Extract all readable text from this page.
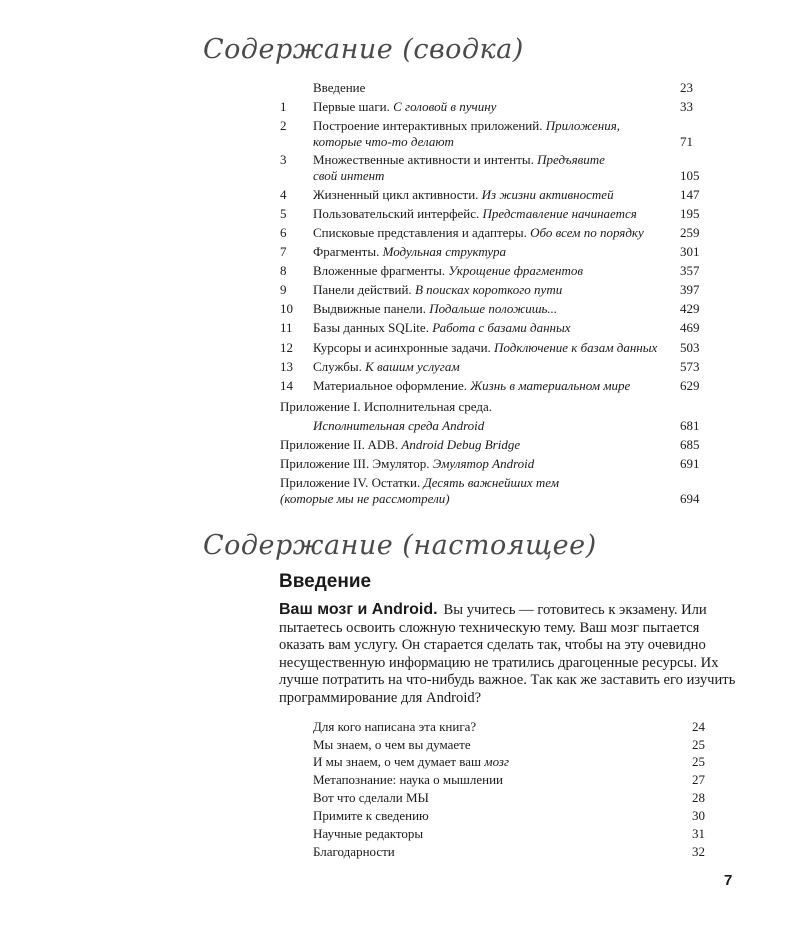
Содержание (сводка)
Введение	23
1 Первые шаги. С головой в пучину	33
2 Построение интерактивных приложений. Приложения,
которые что-то делают	71
3 Множественные активности и интенты. Предъявите
свой интент	105
4 Жизненный цикл активности. Из жизни активностей	147
5 Пользовательский интерфейс. Представление начинается	195
6 Списковые представления и адаптеры. Обо всем по порядку	259
7 Фрагменты. Модульная структура	301
8 Вложенные фрагменты. Укрощение фрагментов	357
9 Панели действий. В поисках короткого пути	397
10 Выдвижные панели. Подальше положишь...	429
11 Базы данных SQLite. Работа с базами данных	469
12 Курсоры и асинхронные задачи. Подключение к базам данных 503
13 Службы. К вашим услугам	573
14 Материальное оформление. Жизнь в материальном мире	629
Приложение I. Исполнительная среда.
Исполнительная среда Android	681
Приложение II. ADB. Android Debug Bridge	685
Приложение III. Эмулятор. Эмулятор Android	691
Приложение IV. Остатки. Десять важнейших тем
(которые мы не рассмотрели)	694
Содержание (настоящее)
Введение
Ваш мозг и Android. Вы учитесь — готовитесь к экзамену. Или пытаетесь освоить сложную техническую тему. Ваш мозг пытается оказать вам услугу. Он старается сделать так, чтобы на эту очевидно несущественную информацию не тратились драгоценные ресурсы. Их лучше потратить на что-нибудь важное. Так как же заставить его изучить программирование для Android?
Для кого написана эта книга?	24
Мы знаем, о чем вы думаете	25
И мы знаем, о чем думает ваш мозг	25
Метапознание: наука о мышлении	27
Вот что сделали МЫ	28
Примите к сведению	30
Научные редакторы	31
Благодарности	32
7
